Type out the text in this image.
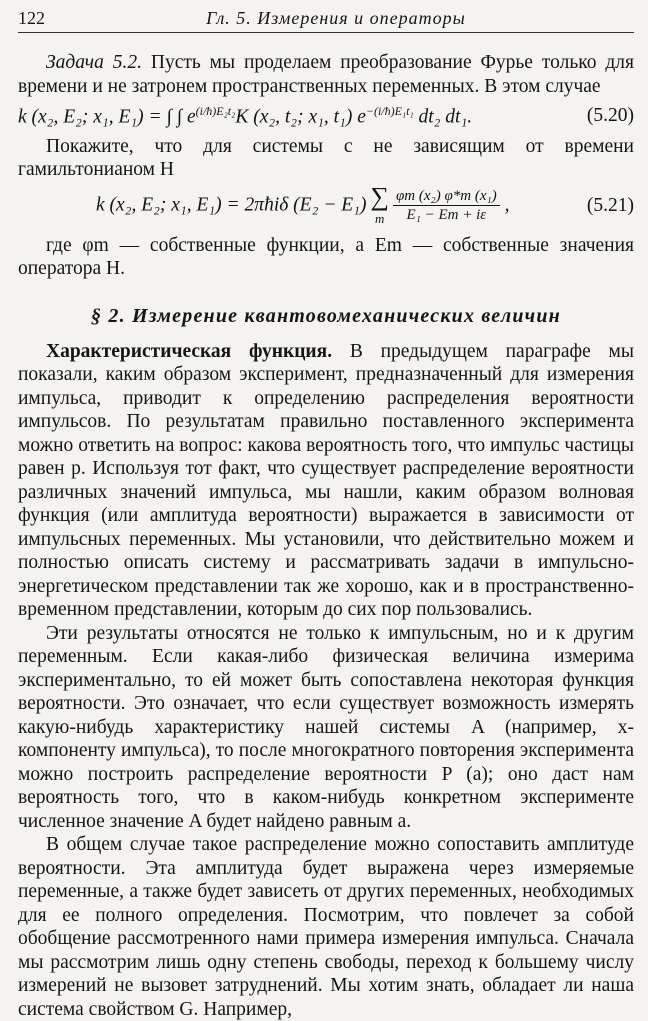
122	Гл. 5. Измерения и операторы

Задача 5.2. Пусть мы проделаем преобразование Фурье только для времени и не затронем пространственных переменных. В этом случае

k (x₂, E₂; x₁, E₁) = ∫ ∫ $e^{(i/ħ)E_2t_2}K$ (x₂, t₂; x₁, t₁) $e^{-(i/ħ)E_1t_1}$ dt₂ dt₁.	(5.20)

Покажите, что для системы с не зависящим от времени гамильтонианом H

k (x₂, E₂; x₁, E₁) = 2πħiδ (E₂ − E₁) ∑
m $\frac{\text{φm (x₂) φ*m (x₁)}}{\text{E₁ − Em + iε}}$ ,	(5.21)

где φm — собственные функции, а Em — собственные значения оператора H.

§ 2. Измерение квантовомеханических величин

Характеристическая функция. В предыдущем параграфе мы показали, каким образом эксперимент, предназначенный для измерения импульса, приводит к определению распределения вероятности импульсов. По результатам правильно поставленного эксперимента можно ответить на вопрос: какова вероятность того, что импульс частицы равен p. Используя тот факт, что существует распределение вероятности различных значений импульса, мы нашли, каким образом волновая функция (или амплитуда вероятности) выражается в зависимости от импульсных переменных. Мы установили, что действительно можем и полностью описать систему и рассматривать задачи в импульсно-энергетическом представлении так же хорошо, как и в пространственно-временном представлении, которым до сих пор пользовались.

Эти результаты относятся не только к импульсным, но и к другим переменным. Если какая-либо физическая величина измерима экспериментально, то ей может быть сопоставлена некоторая функция вероятности. Это означает, что если существует возможность измерять какую-нибудь характеристику нашей системы A (например, x-компоненту импульса), то после многократного повторения эксперимента можно построить распределение вероятности P (a); оно даст нам вероятность того, что в каком-нибудь конкретном эксперименте численное значение A будет найдено равным a.

В общем случае такое распределение можно сопоставить амплитуде вероятности. Эта амплитуда будет выражена через измеряемые переменные, а также будет зависеть от других переменных, необходимых для ее полного определения. Посмотрим, что повлечет за собой обобщение рассмотренного нами примера измерения импульса. Сначала мы рассмотрим лишь одну степень свободы, переход к большему числу измерений не вызовет затруднений. Мы хотим знать, обладает ли наша система свойством G. Например,
